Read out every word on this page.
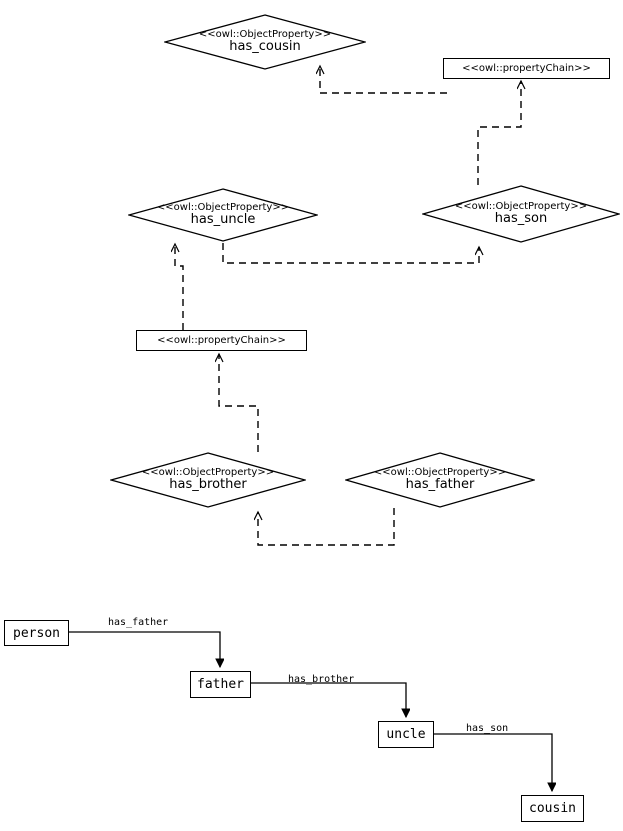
<<owl::ObjectProperty>>
has_cousin
<<owl::ObjectProperty>>
has_uncle
<<owl::ObjectProperty>>
has_son
<<owl::ObjectProperty>>
has_brother
<<owl::ObjectProperty>>
has_father
<<owl::propertyChain>>
<<owl::propertyChain>>
person
father
uncle
cousin
has_father
has_brother
has_son
